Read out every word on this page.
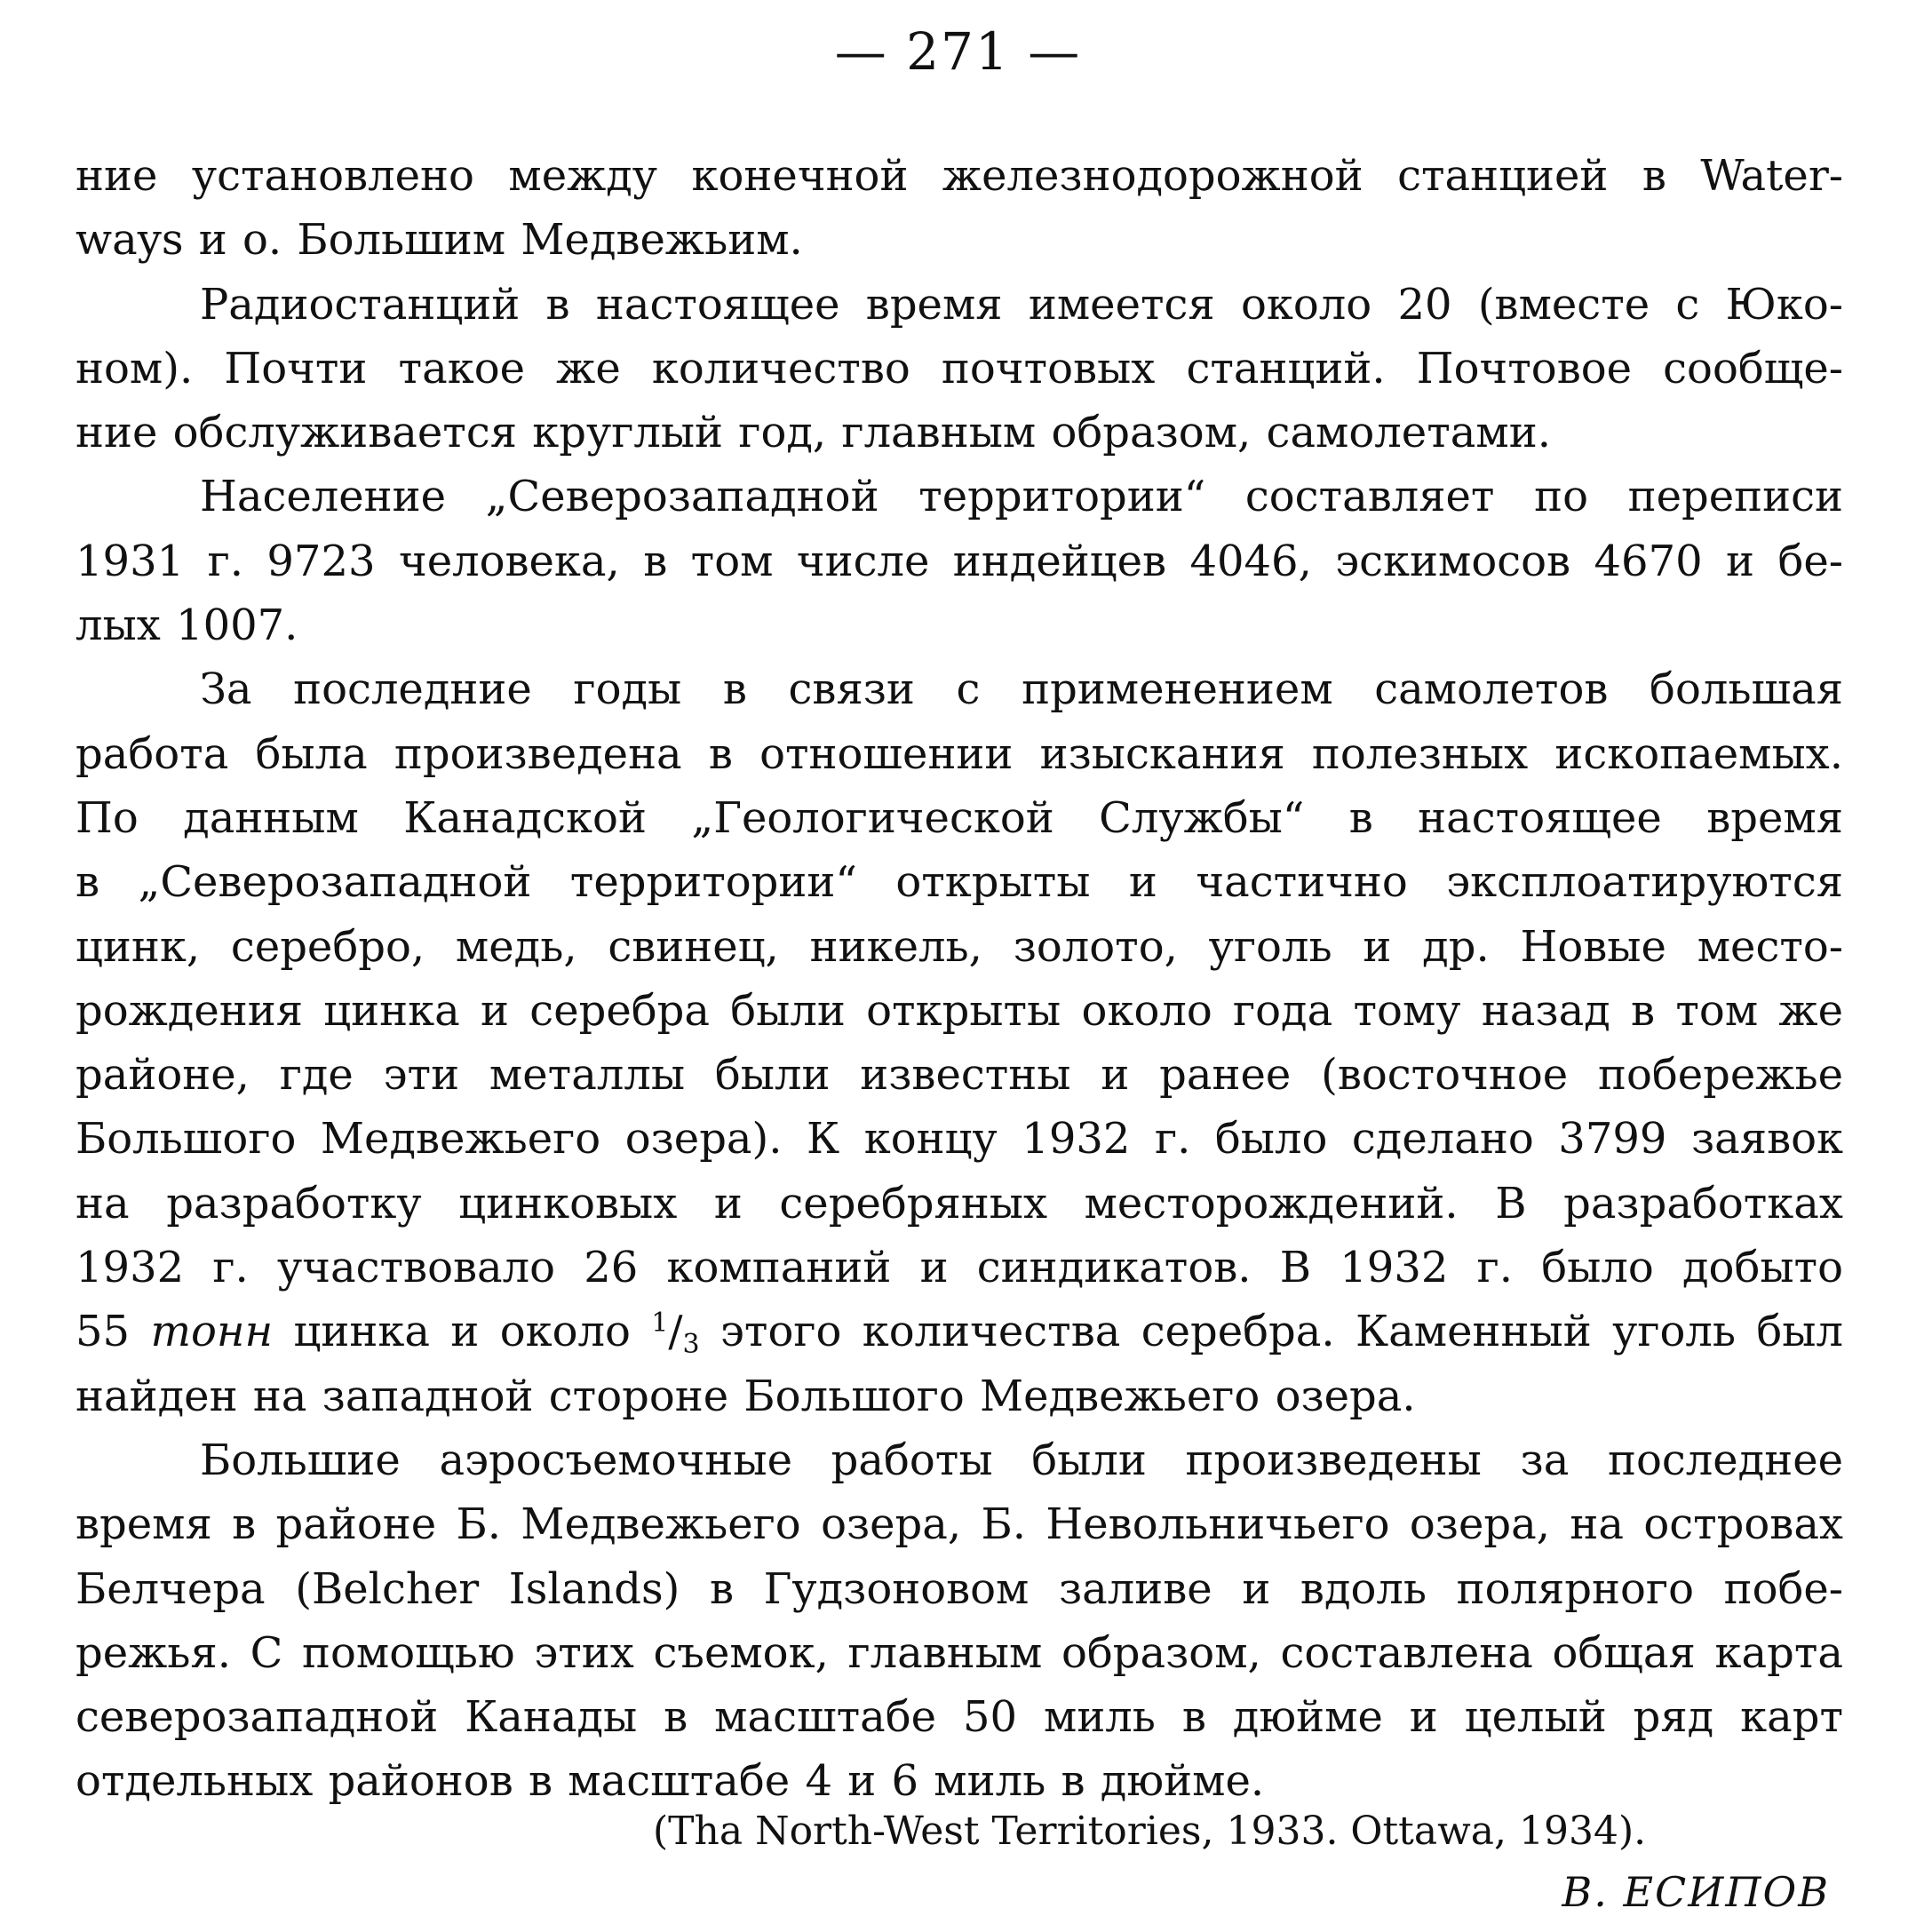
— 271 —
ние установлено между конечной железнодорожной станцией в Water-
ways и о. Большим Медвежьим.
Радиостанций в настоящее время имеется около 20 (вместе с Юко-
ном). Почти такое же количество почтовых станций. Почтовое сообще-
ние обслуживается круглый год, главным образом, самолетами.
Население „Северозападной территории“ составляет по переписи
1931 г. 9723 человека, в том числе индейцев 4046, эскимосов 4670 и бе-
лых 1007.
За последние годы в связи с применением самолетов большая
работа была произведена в отношении изыскания полезных ископаемых.
По данным Канадской „Геологической Службы“ в настоящее время
в „Северозападной территории“ открыты и частично эксплоатируются
цинк, серебро, медь, свинец, никель, золото, уголь и др. Новые место-
рождения цинка и серебра были открыты около года тому назад в том же
районе, где эти металлы были известны и ранее (восточное побережье
Большого Медвежьего озера). К концу 1932 г. было сделано 3799 заявок
на разработку цинковых и серебряных месторождений. В разработках
1932 г. участвовало 26 компаний и синдикатов. В 1932 г. было добыто
55 тонн цинка и около $^1/_3$ этого количества серебра. Каменный уголь был
найден на западной стороне Большого Медвежьего озера.
Большие аэросъемочные работы были произведены за последнее
время в районе Б. Медвежьего озера, Б. Невольничьего озера, на островах
Белчера (Belcher Islands) в Гудзоновом заливе и вдоль полярного побе-
режья. С помощью этих съемок, главным образом, составлена общая карта
северозападной Канады в масштабе 50 миль в дюйме и целый ряд карт
отдельных районов в масштабе 4 и 6 миль в дюйме.
(Tha North-West Territories, 1933. Ottawa, 1934).
В. ЕСИПОВ
